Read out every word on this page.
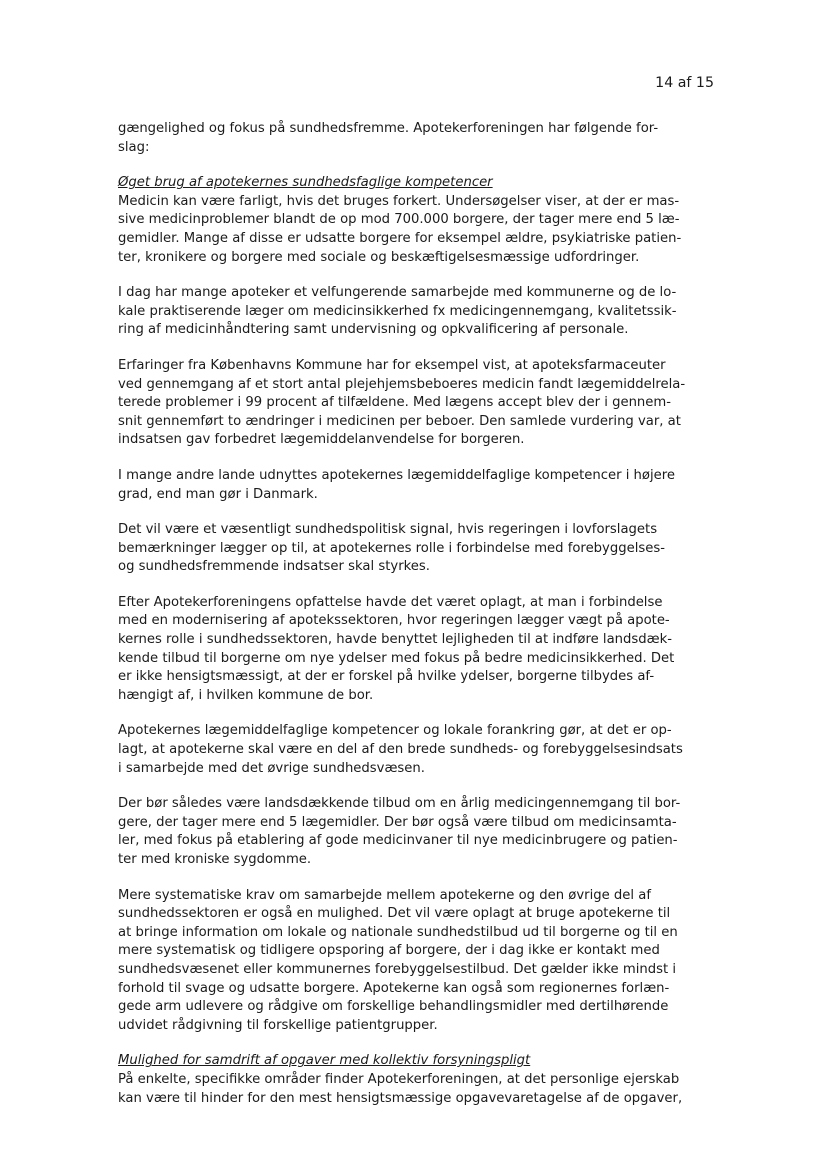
14 af 15

gængelighed og fokus på sundhedsfremme. Apotekerforeningen har følgende for-
slag:

Øget brug af apotekernes sundhedsfaglige kompetencer

Medicin kan være farligt, hvis det bruges forkert. Undersøgelser viser, at der er mas-
sive medicinproblemer blandt de op mod 700.000 borgere, der tager mere end 5 læ-
gemidler. Mange af disse er udsatte borgere for eksempel ældre, psykiatriske patien-
ter, kronikere og borgere med sociale og beskæftigelsesmæssige udfordringer.

I dag har mange apoteker et velfungerende samarbejde med kommunerne og de lo-
kale praktiserende læger om medicinsikkerhed fx medicingennemgang, kvalitetssik-
ring af medicinhåndtering samt undervisning og opkvalificering af personale.

Erfaringer fra Københavns Kommune har for eksempel vist, at apoteksfarmaceuter
ved gennemgang af et stort antal plejehjemsbeboeres medicin fandt lægemiddelrela-
terede problemer i 99 procent af tilfældene. Med lægens accept blev der i gennem-
snit gennemført to ændringer i medicinen per beboer. Den samlede vurdering var, at
indsatsen gav forbedret lægemiddelanvendelse for borgeren.

I mange andre lande udnyttes apotekernes lægemiddelfaglige kompetencer i højere
grad, end man gør i Danmark.

Det vil være et væsentligt sundhedspolitisk signal, hvis regeringen i lovforslagets
bemærkninger lægger op til, at apotekernes rolle i forbindelse med forebyggelses-
og sundhedsfremmende indsatser skal styrkes.

Efter Apotekerforeningens opfattelse havde det været oplagt, at man i forbindelse
med en modernisering af apotekssektoren, hvor regeringen lægger vægt på apote-
kernes rolle i sundhedssektoren, havde benyttet lejligheden til at indføre landsdæk-
kende tilbud til borgerne om nye ydelser med fokus på bedre medicinsikkerhed. Det
er ikke hensigtsmæssigt, at der er forskel på hvilke ydelser, borgerne tilbydes af-
hængigt af, i hvilken kommune de bor.

Apotekernes lægemiddelfaglige kompetencer og lokale forankring gør, at det er op-
lagt, at apotekerne skal være en del af den brede sundheds- og forebyggelsesindsats
i samarbejde med det øvrige sundhedsvæsen.

Der bør således være landsdækkende tilbud om en årlig medicingennemgang til bor-
gere, der tager mere end 5 lægemidler. Der bør også være tilbud om medicinsamta-
ler, med fokus på etablering af gode medicinvaner til nye medicinbrugere og patien-
ter med kroniske sygdomme.

Mere systematiske krav om samarbejde mellem apotekerne og den øvrige del af
sundhedssektoren er også en mulighed. Det vil være oplagt at bruge apotekerne til
at bringe information om lokale og nationale sundhedstilbud ud til borgerne og til en
mere systematisk og tidligere opsporing af borgere, der i dag ikke er kontakt med
sundhedsvæsenet eller kommunernes forebyggelsestilbud. Det gælder ikke mindst i
forhold til svage og udsatte borgere. Apotekerne kan også som regionernes forlæn-
gede arm udlevere og rådgive om forskellige behandlingsmidler med dertilhørende
udvidet rådgivning til forskellige patientgrupper.

Mulighed for samdrift af opgaver med kollektiv forsyningspligt

På enkelte, specifikke områder finder Apotekerforeningen, at det personlige ejerskab
kan være til hinder for den mest hensigtsmæssige opgavevaretagelse af de opgaver,
